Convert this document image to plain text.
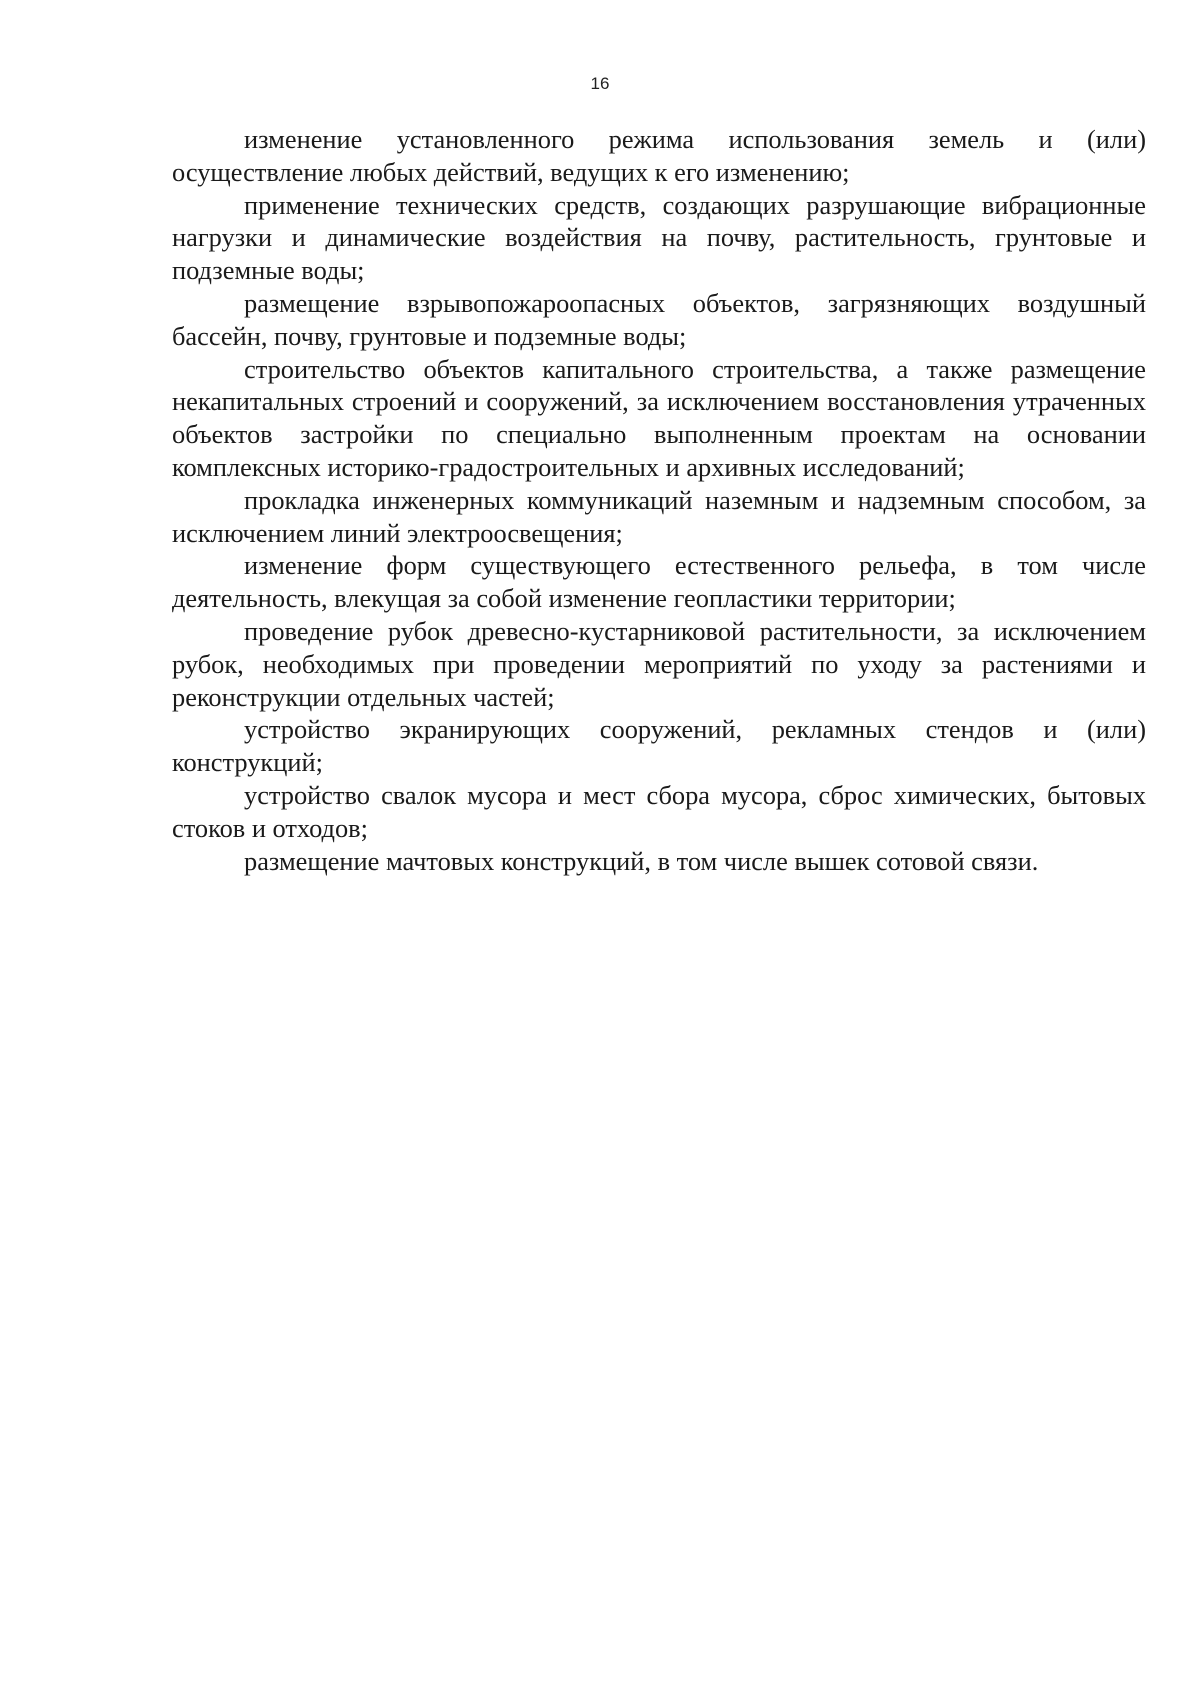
16

изменение установленного режима использования земель и (или) осуществление любых действий, ведущих к его изменению;

применение технических средств, создающих разрушающие вибрационные нагрузки и динамические воздействия на почву, растительность, грунтовые и подземные воды;

размещение взрывопожароопасных объектов, загрязняющих воздушный бассейн, почву, грунтовые и подземные воды;

строительство объектов капитального строительства, а также размещение некапитальных строений и сооружений, за исключением восстановления утраченных объектов застройки по специально выполненным проектам на основании комплексных историко-градостроительных и архивных исследований;

прокладка инженерных коммуникаций наземным и надземным способом, за исключением линий электроосвещения;

изменение форм существующего естественного рельефа, в том числе деятельность, влекущая за собой изменение геопластики территории;

проведение рубок древесно-кустарниковой растительности, за исключением рубок, необходимых при проведении мероприятий по уходу за растениями и реконструкции отдельных частей;

устройство экранирующих сооружений, рекламных стендов и (или) конструкций;

устройство свалок мусора и мест сбора мусора, сброс химических, бытовых стоков и отходов;

размещение мачтовых конструкций, в том числе вышек сотовой связи.
